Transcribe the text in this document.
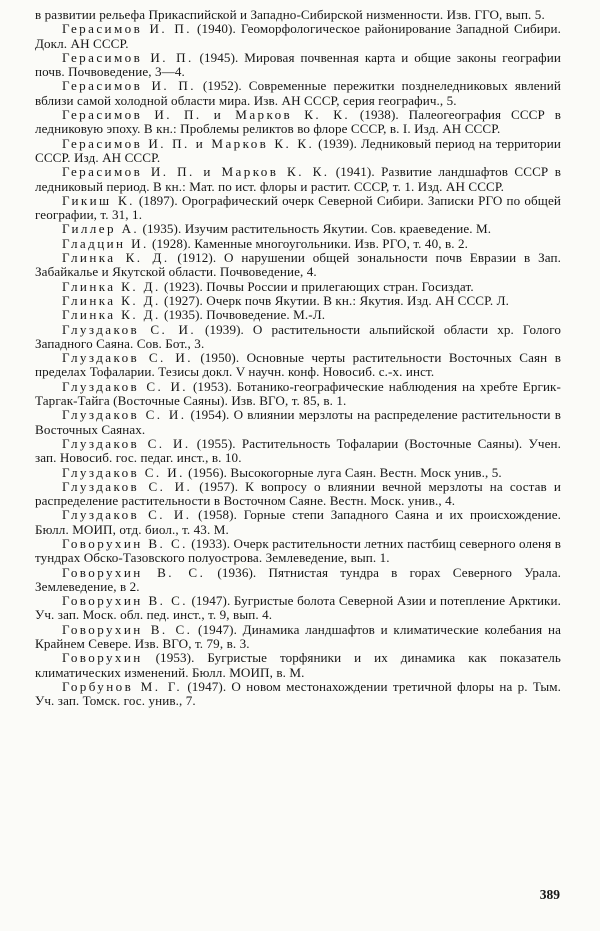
в развитии рельефа Прикаспийской и Западно-Сибирской низменности. Изв. ГГО, вып. 5.

Герасимов И. П. (1940). Геоморфологическое районирование Западной Сибири. Докл. АН СССР.

Герасимов И. П. (1945). Мировая почвенная карта и общие законы географии почв. Почвоведение, 3—4.

Герасимов И. П. (1952). Современные пережитки позднеледниковых явлений вблизи самой холодной области мира. Изв. АН СССР, серия географич., 5.

Герасимов И. П. и Марков К. К. (1938). Палеогеография СССР в ледниковую эпоху. В кн.: Проблемы реликтов во флоре СССР, в. I. Изд. АН СССР.

Герасимов И. П. и Марков К. К. (1939). Ледниковый период на территории СССР. Изд. АН СССР.

Герасимов И. П. и Марков К. К. (1941). Развитие ландшафтов СССР в ледниковый период. В кн.: Мат. по ист. флоры и растит. СССР, т. 1. Изд. АН СССР.

Гикиш К. (1897). Орографический очерк Северной Сибири. Записки РГО по общей географии, т. 31, 1.

Гиллер А. (1935). Изучим растительность Якутии. Сов. краеведение. М.

Гладцин И. (1928). Каменные многоугольники. Изв. РГО, т. 40, в. 2.

Глинка К. Д. (1912). О нарушении общей зональности почв Евразии в Зап. Забайкалье и Якутской области. Почвоведение, 4.

Глинка К. Д. (1923). Почвы России и прилегающих стран. Госиздат.

Глинка К. Д. (1927). Очерк почв Якутии. В кн.: Якутия. Изд. АН СССР. Л.

Глинка К. Д. (1935). Почвоведение. М.-Л.

Глуздаков С. И. (1939). О растительности альпийской области хр. Голого Западного Саяна. Сов. Бот., 3.

Глуздаков С. И. (1950). Основные черты растительности Восточных Саян в пределах Тофаларии. Тезисы докл. V научн. конф. Новосиб. с.-х. инст.

Глуздаков С. И. (1953). Ботанико-географические наблюдения на хребте Ергик-Таргак-Тайга (Восточные Саяны). Изв. ВГО, т. 85, в. 1.

Глуздаков С. И. (1954). О влиянии мерзлоты на распределение растительности в Восточных Саянах.

Глуздаков С. И. (1955). Растительность Тофаларии (Восточные Саяны). Учен. зап. Новосиб. гос. педаг. инст., в. 10.

Глуздаков С. И. (1956). Высокогорные луга Саян. Вестн. Моск унив., 5.

Глуздаков С. И. (1957). К вопросу о влиянии вечной мерзлоты на состав и распределение растительности в Восточном Саяне. Вестн. Моск. унив., 4.

Глуздаков С. И. (1958). Горные степи Западного Саяна и их происхождение. Бюлл. МОИП, отд. биол., т. 43. М.

Говорухин В. С. (1933). Очерк растительности летних пастбищ северного оленя в тундрах Обско-Тазовского полуострова. Землеведение, вып. 1.

Говорухин В. С. (1936). Пятнистая тундра в горах Северного Урала. Землеведение, в 2.

Говорухин В. С. (1947). Бугристые болота Северной Азии и потепление Арктики. Уч. зап. Моск. обл. пед. инст., т. 9, вып. 4.

Говорухин В. С. (1947). Динамика ландшафтов и климатические колебания на Крайнем Севере. Изв. ВГО, т. 79, в. 3.

Говорухин (1953). Бугристые торфяники и их динамика как показатель климатических изменений. Бюлл. МОИП, в. М.

Горбунов М. Г. (1947). О новом местонахождении третичной флоры на р. Тым. Уч. зап. Томск. гос. унив., 7.

389
